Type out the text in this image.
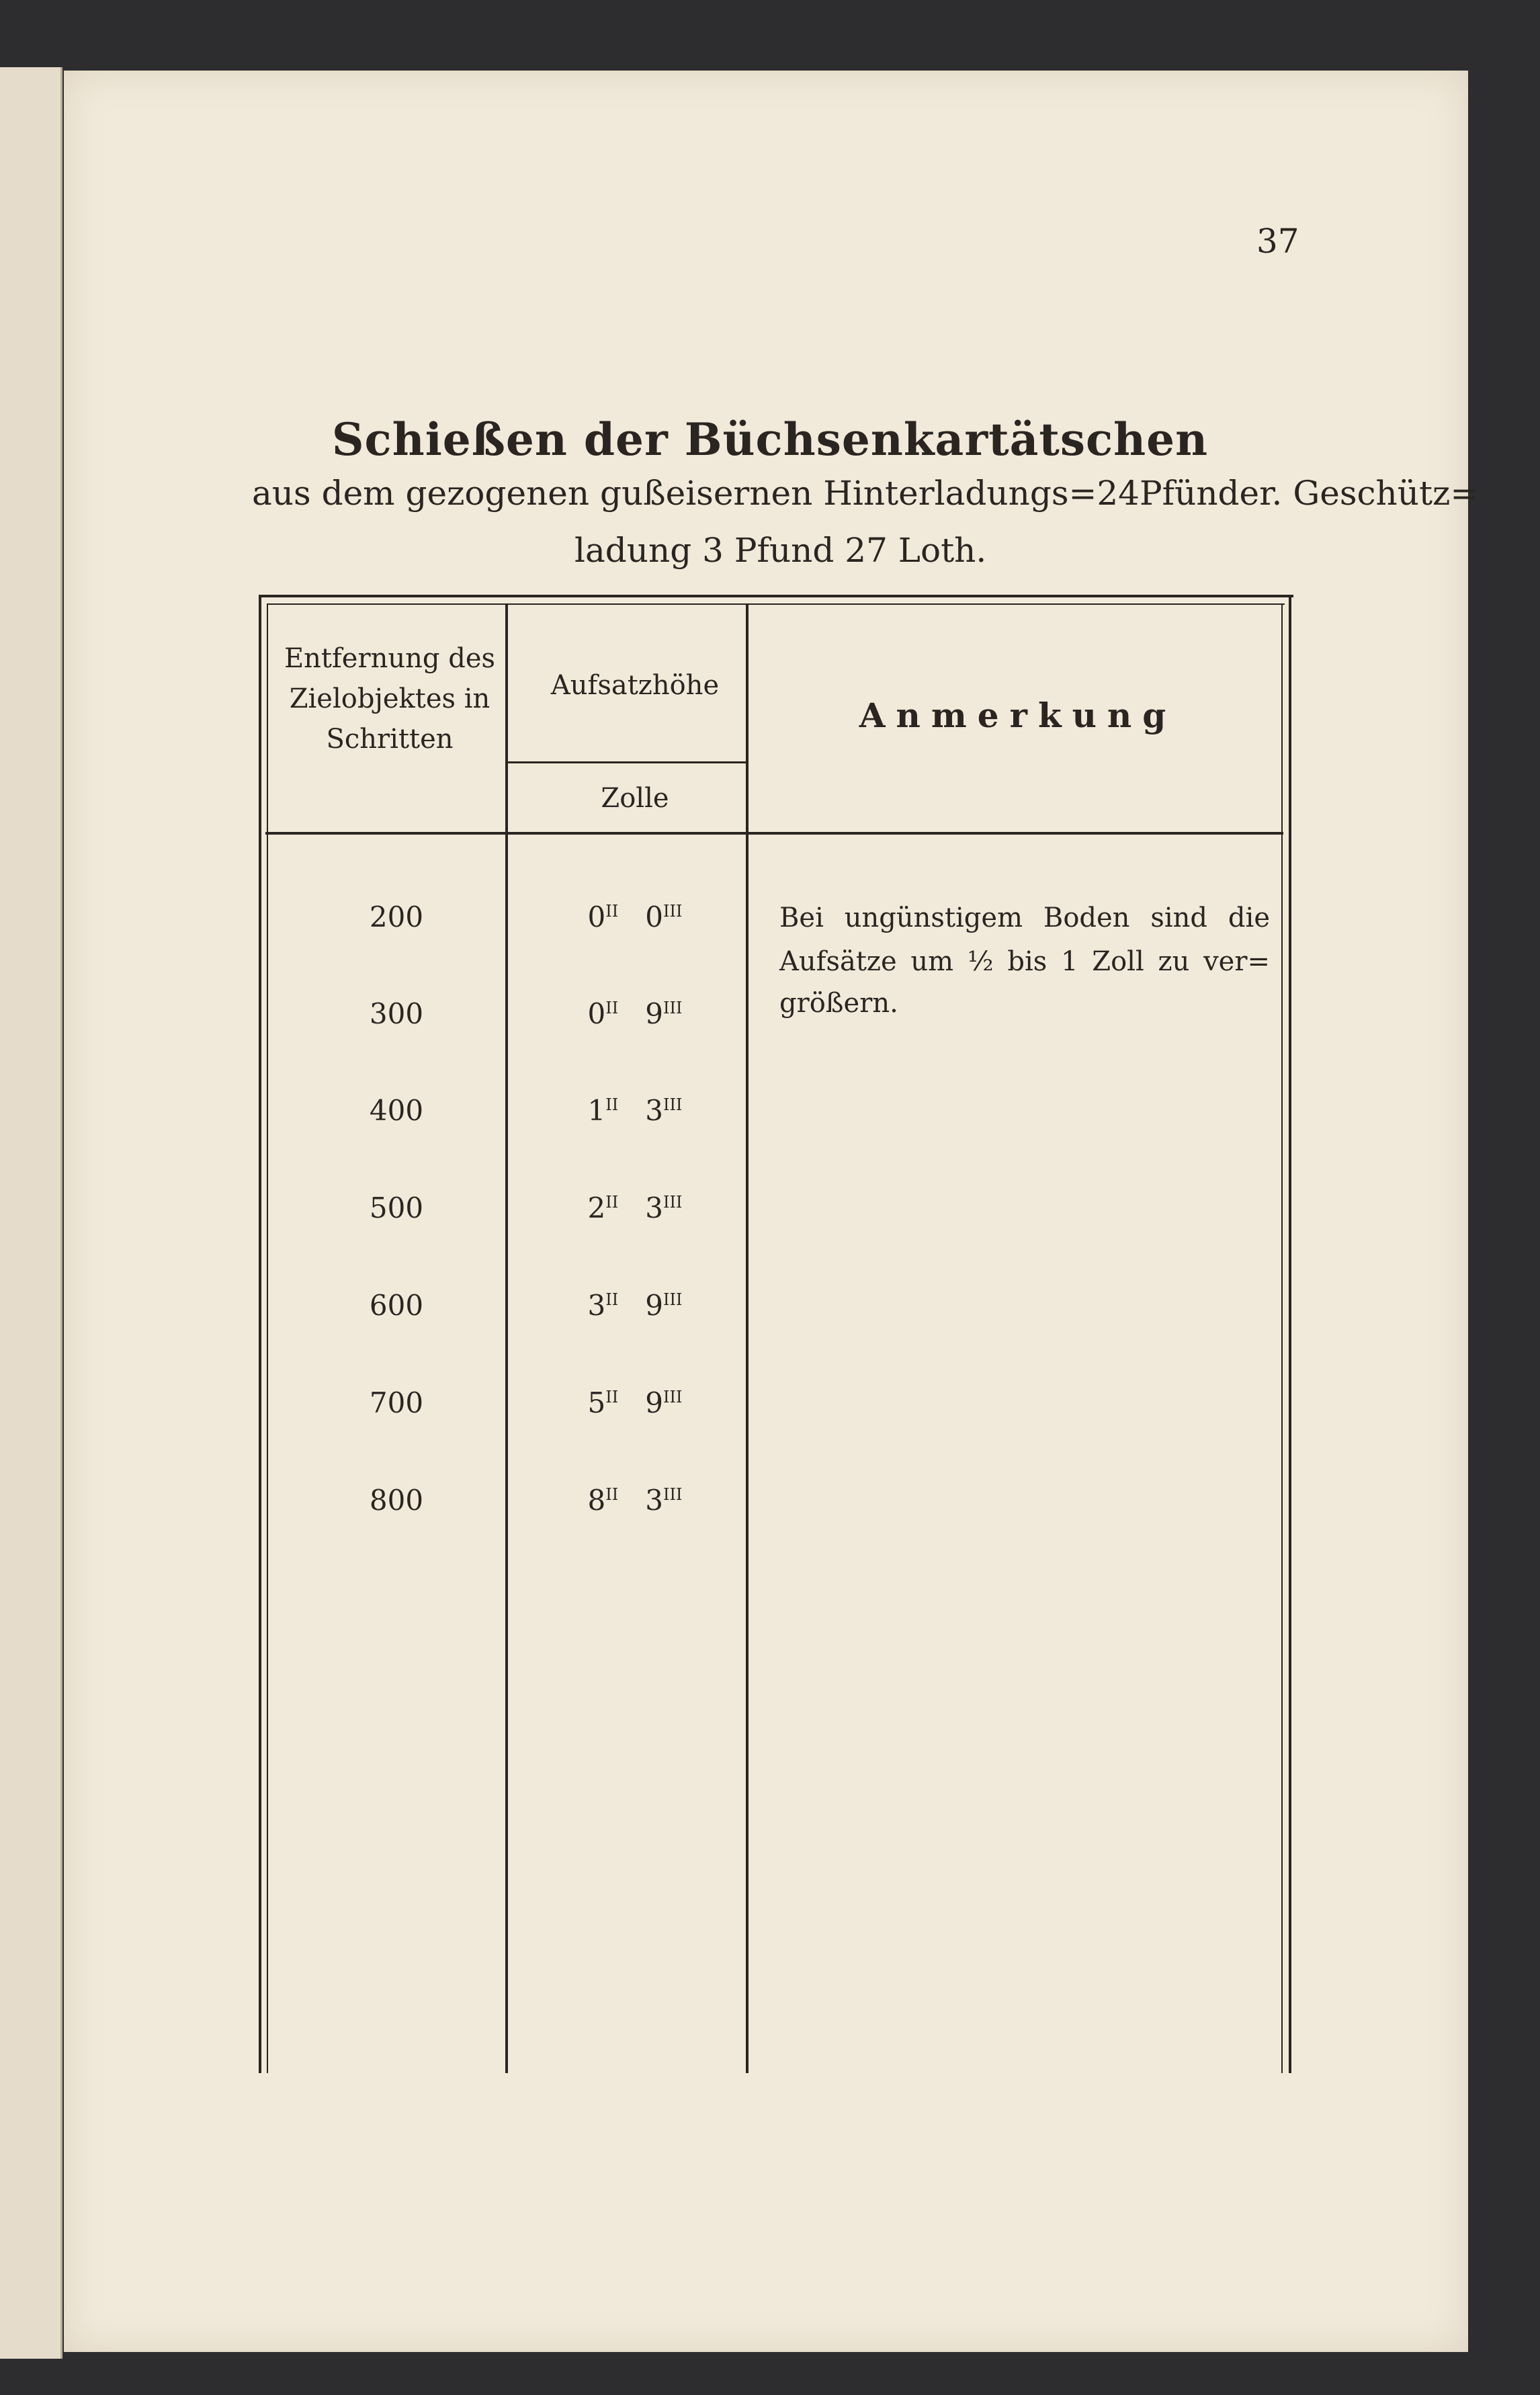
37
Schießen der Büchsenkartätschen
aus dem gezogenen gußeisernen Hinterladungs=24Pfünder. Geschütz=
ladung 3 Pfund 27 Loth.
Entfernung des Zielobjektes in Schritten
Aufsatzhöhe
Zolle
Anmerkung
200	$0^{II}$ $0^{III}$
300	$0^{II}$ $9^{III}$
400	$1^{II}$ $3^{III}$
500	$2^{II}$ $3^{III}$
600	$3^{II}$ $9^{III}$
700	$5^{II}$ $9^{III}$
800	$8^{II}$ $3^{III}$
Bei ungünstigem Boden sind die
Aufsätze um ½ bis 1 Zoll zu ver=
größern.
